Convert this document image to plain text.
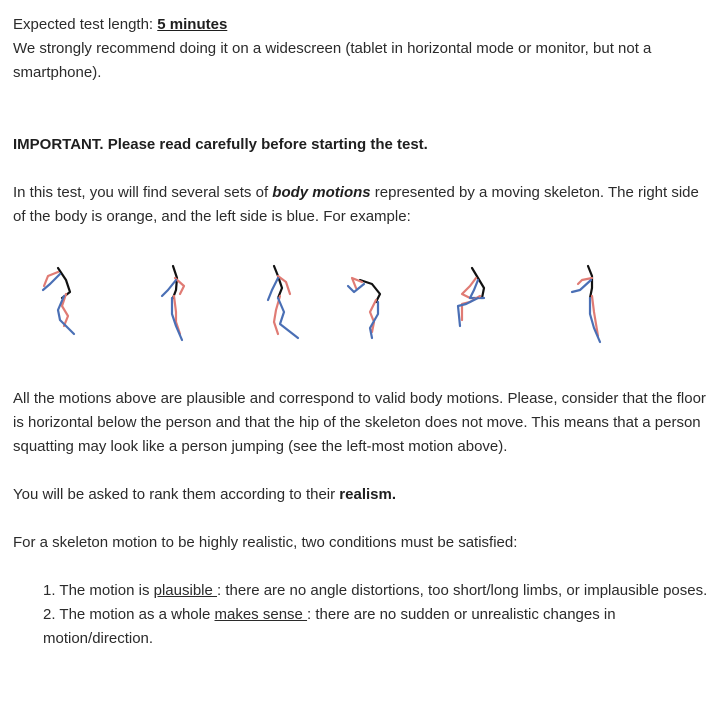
Expected test length: 5 minutes

We strongly recommend doing it on a widescreen (tablet in horizontal mode or monitor, but not a smartphone).

IMPORTANT. Please read carefully before starting the test.

In this test, you will find several sets of body motions represented by a moving skeleton. The right side of the body is orange, and the left side is blue. For example:

All the motions above are plausible and correspond to valid body motions. Please, consider that the floor is horizontal below the person and that the hip of the skeleton does not move. This means that a person squatting may look like a person jumping (see the left-most motion above).

You will be asked to rank them according to their realism.

For a skeleton motion to be highly realistic, two conditions must be satisfied:

1. The motion is plausible : there are no angle distortions, too short/long limbs, or implausible poses.

2. The motion as a whole makes sense : there are no sudden or unrealistic changes in motion/direction.
